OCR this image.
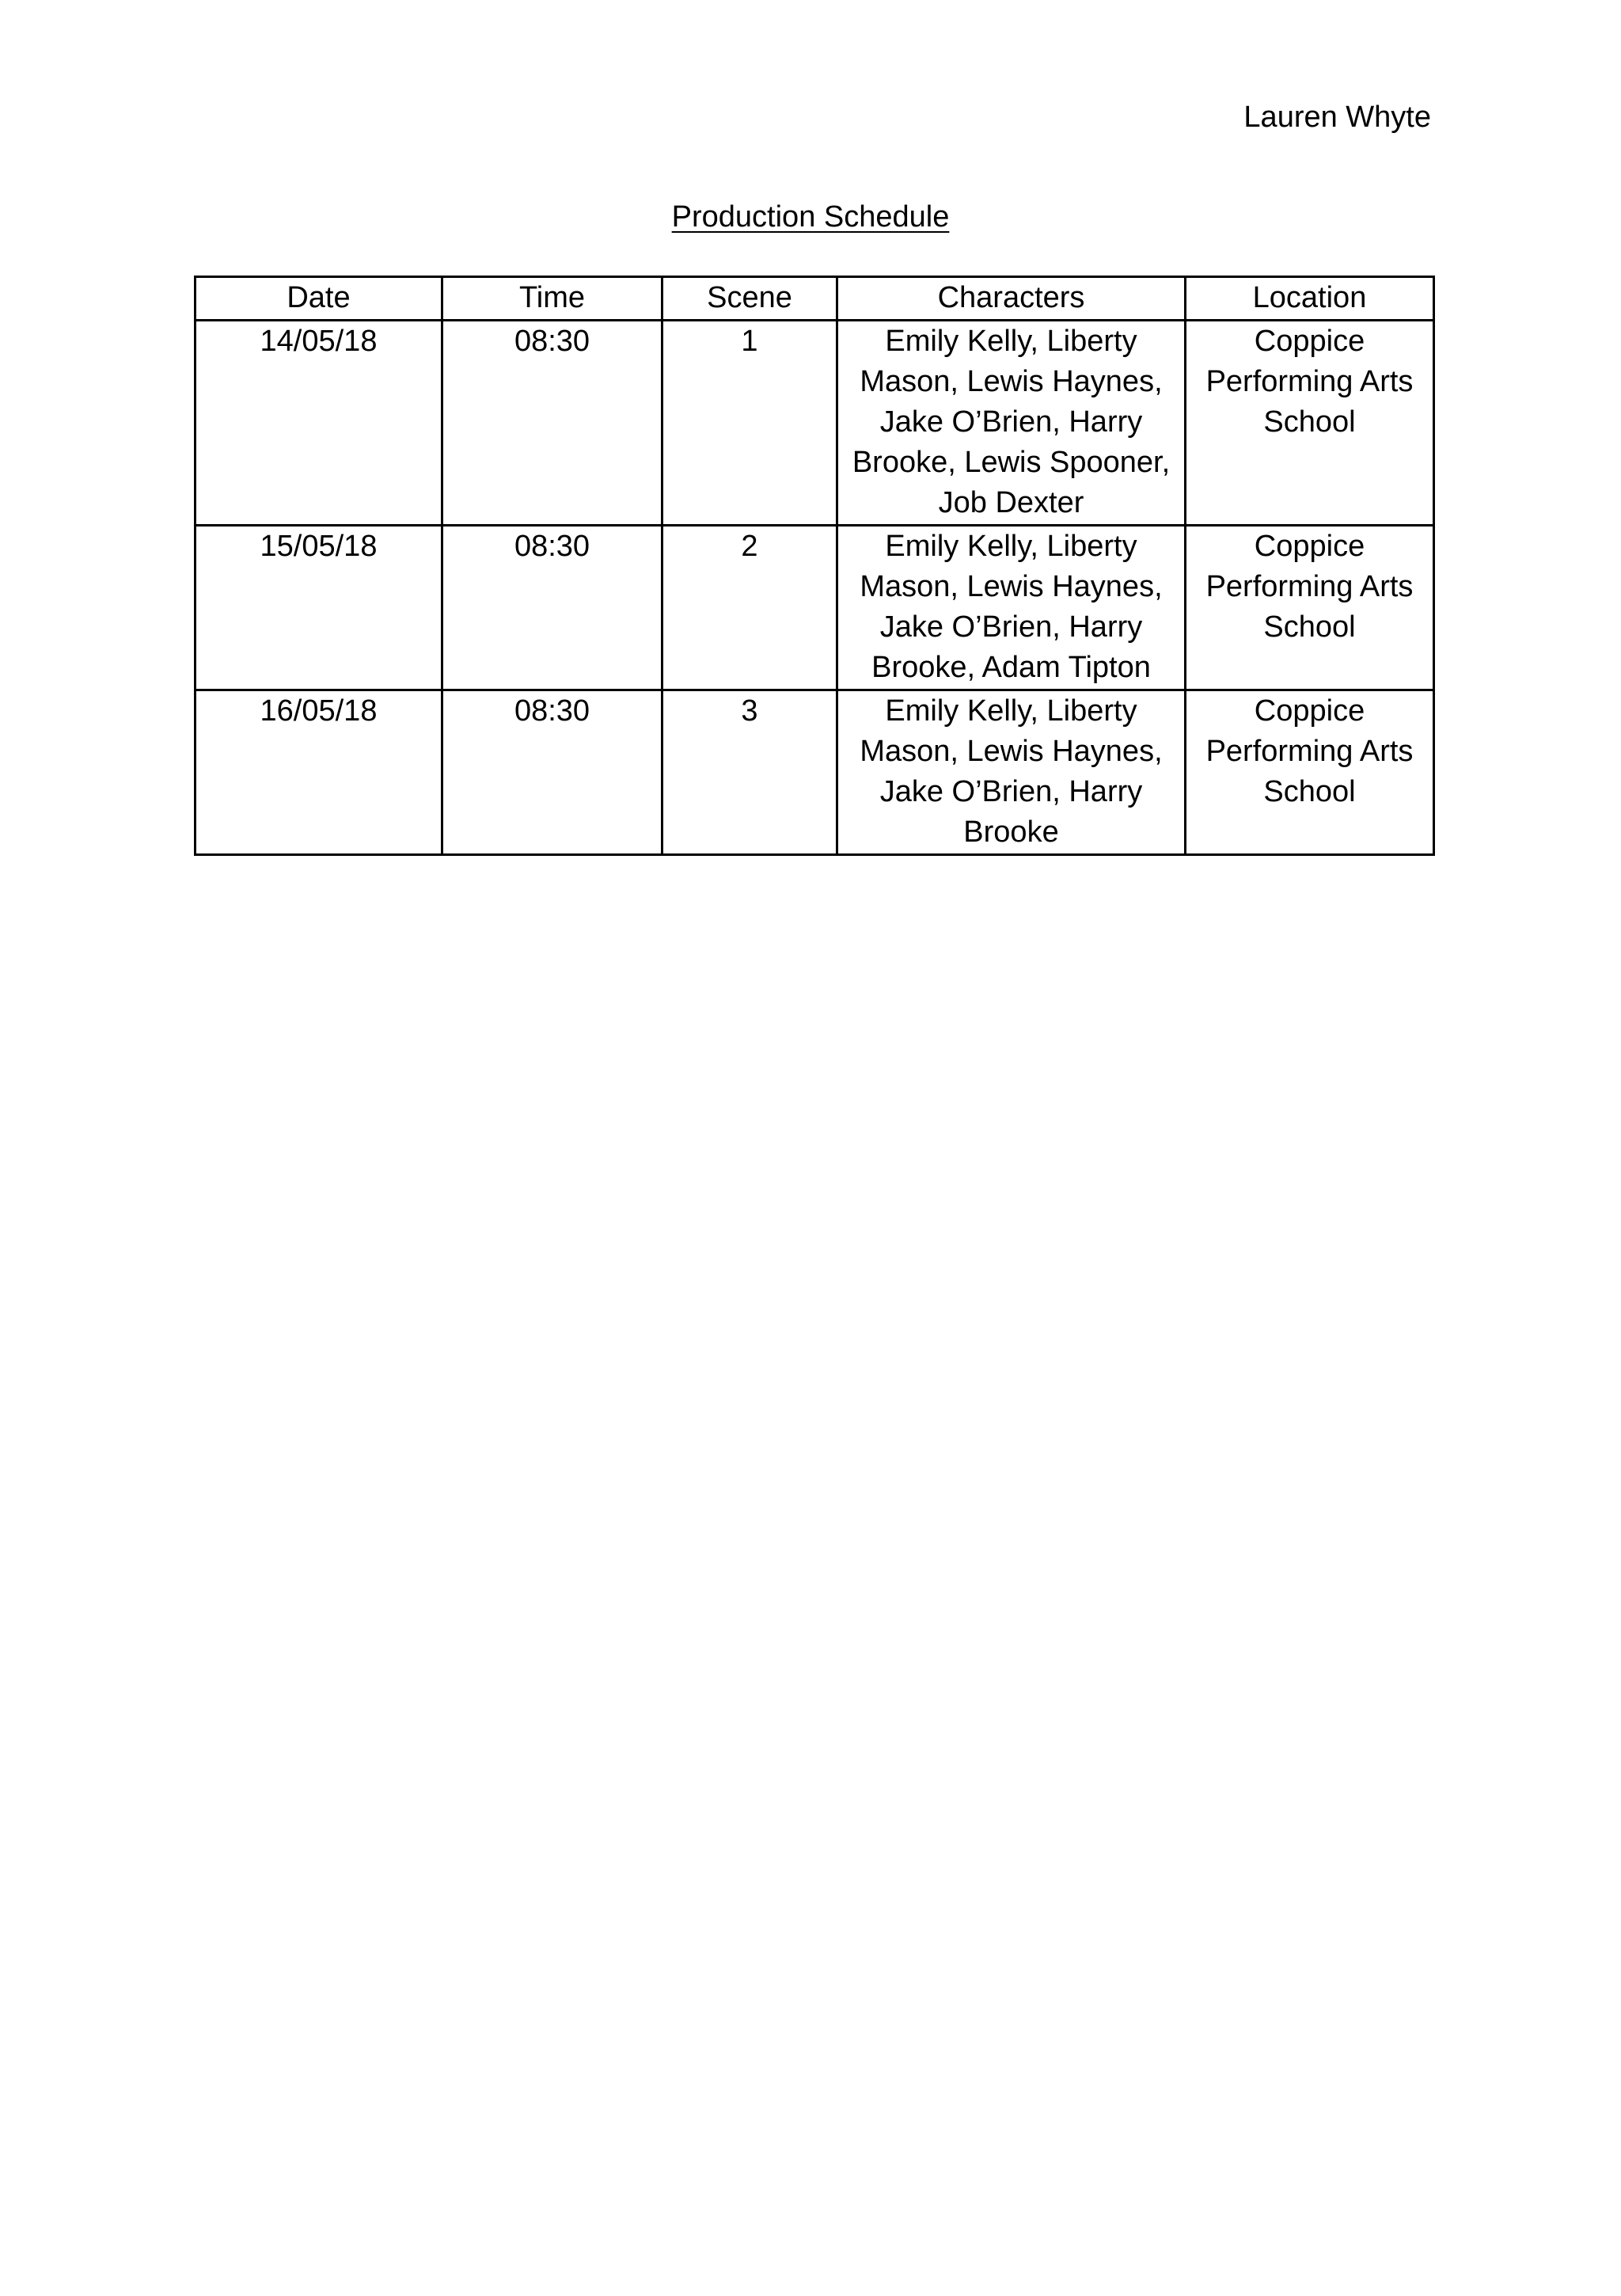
Lauren Whyte
Production Schedule
Date	Time	Scene	Characters	Location
14/05/18	08:30	1	Emily Kelly, Liberty Mason, Lewis Haynes, Jake O’Brien, Harry Brooke, Lewis Spooner, Job Dexter	Coppice Performing Arts School
15/05/18	08:30	2	Emily Kelly, Liberty Mason, Lewis Haynes, Jake O’Brien, Harry Brooke, Adam Tipton	Coppice Performing Arts School
16/05/18	08:30	3	Emily Kelly, Liberty Mason, Lewis Haynes, Jake O’Brien, Harry Brooke	Coppice Performing Arts School
